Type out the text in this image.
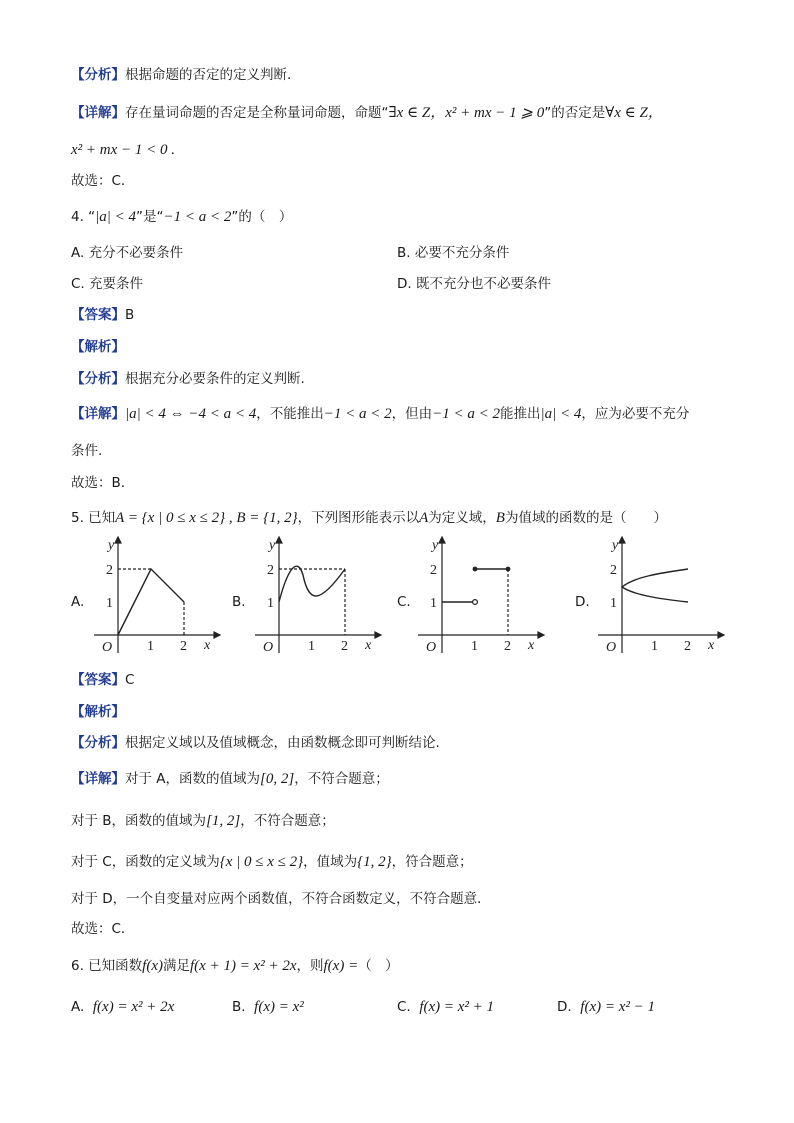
【分析】根据命题的否定的定义判断.
【详解】存在量词命题的否定是全称量词命题，命题“∃x ∈ Z，x² + mx − 1 ⩾ 0”的否定是∀x ∈ Z，
x² + mx − 1 < 0 .
故选：C.
4. “|a| < 4”是“−1 < a < 2”的（　）
A. 充分不必要条件	B. 必要不充分条件
C. 充要条件	D. 既不充分也不必要条件
【答案】B
【解析】
【分析】根据充分必要条件的定义判断.
【详解】|a| < 4 ⇔ −4 < a < 4，不能推出−1 < a < 2，但由−1 < a < 2能推出|a| < 4，应为必要不充分
条件.
故选：B.
5. 已知A = {x | 0 ≤ x ≤ 2} , B = {1, 2}，下列图形能表示以A为定义域，B为值域的函数的是（　　）
A.	B.	C.	D.
y
x
O 1 2
1
2
y
x
O 1 2
1
2
y
x
O 1 2
1
2
y
x
O 1 2
1
2
【答案】C
【解析】
【分析】根据定义域以及值域概念，由函数概念即可判断结论.
【详解】对于 A，函数的值域为[0, 2]，不符合题意；
对于 B，函数的值域为[1, 2]，不符合题意；
对于 C，函数的定义域为{x | 0 ≤ x ≤ 2}，值域为{1, 2}，符合题意；
对于 D，一个自变量对应两个函数值，不符合函数定义，不符合题意．
故选：C．
6. 已知函数f(x)满足f(x + 1) = x² + 2x，则f(x) =（　）
A. f(x) = x² + 2x	B. f(x) = x²	C. f(x) = x² + 1	D. f(x) = x² − 1
